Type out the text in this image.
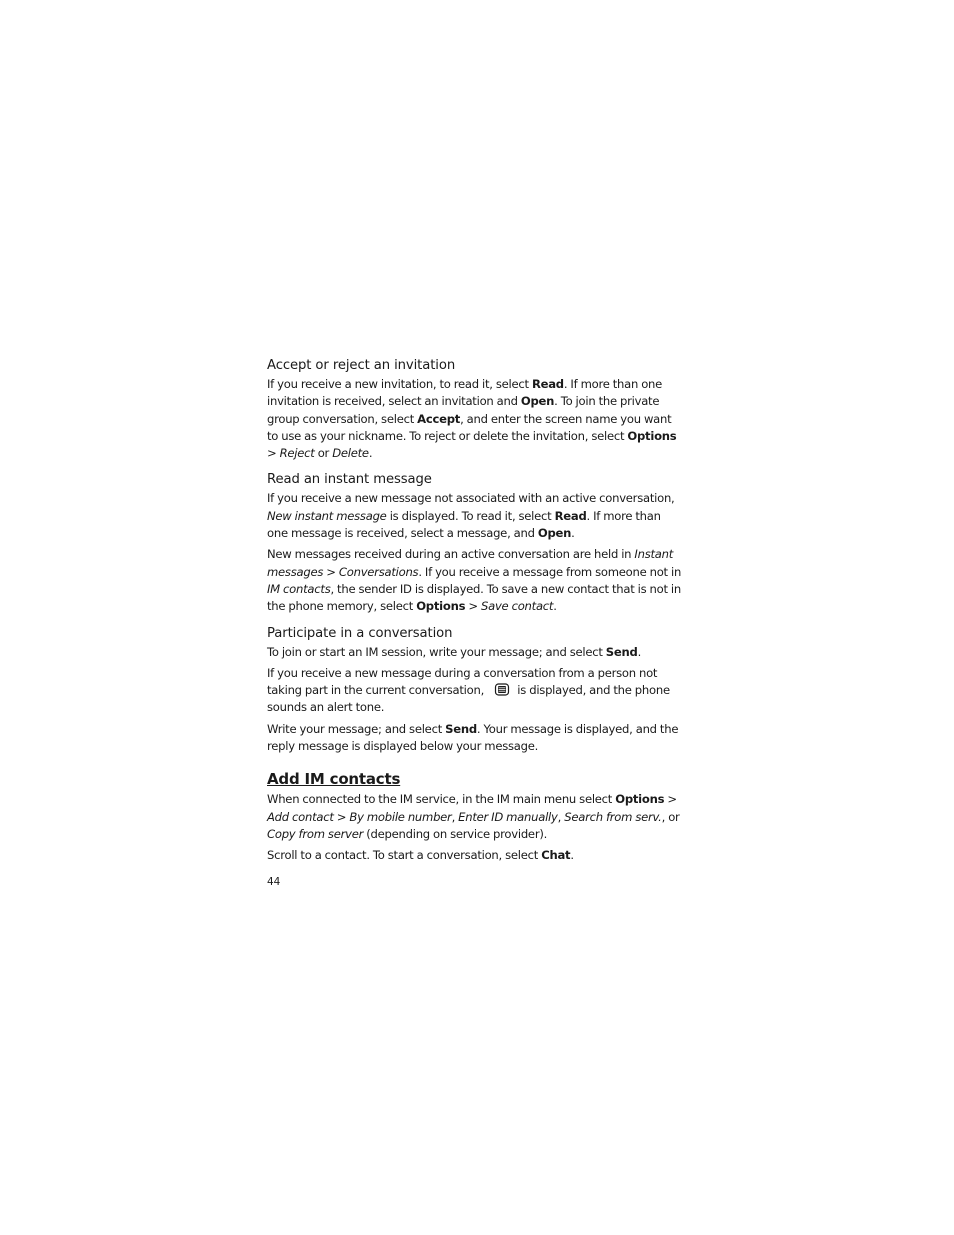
Accept or reject an invitation

If you receive a new invitation, to read it, select Read. If more than one invitation is received, select an invitation and Open. To join the private group conversation, select Accept, and enter the screen name you want to use as your nickname. To reject or delete the invitation, select Options > Reject or Delete.

Read an instant message

If you receive a new message not associated with an active conversation, New instant message is displayed. To read it, select Read. If more than one message is received, select a message, and Open.

New messages received during an active conversation are held in Instant messages > Conversations. If you receive a message from someone not in IM contacts, the sender ID is displayed. To save a new contact that is not in the phone memory, select Options > Save contact.

Participate in a conversation

To join or start an IM session, write your message; and select Send.

If you receive a new message during a conversation from a person not taking part in the current conversation,  is displayed, and the phone sounds an alert tone.

Write your message; and select Send. Your message is displayed, and the reply message is displayed below your message.

Add IM contacts

When connected to the IM service, in the IM main menu select Options > Add contact > By mobile number, Enter ID manually, Search from serv., or Copy from server (depending on service provider).

Scroll to a contact. To start a conversation, select Chat.

44
